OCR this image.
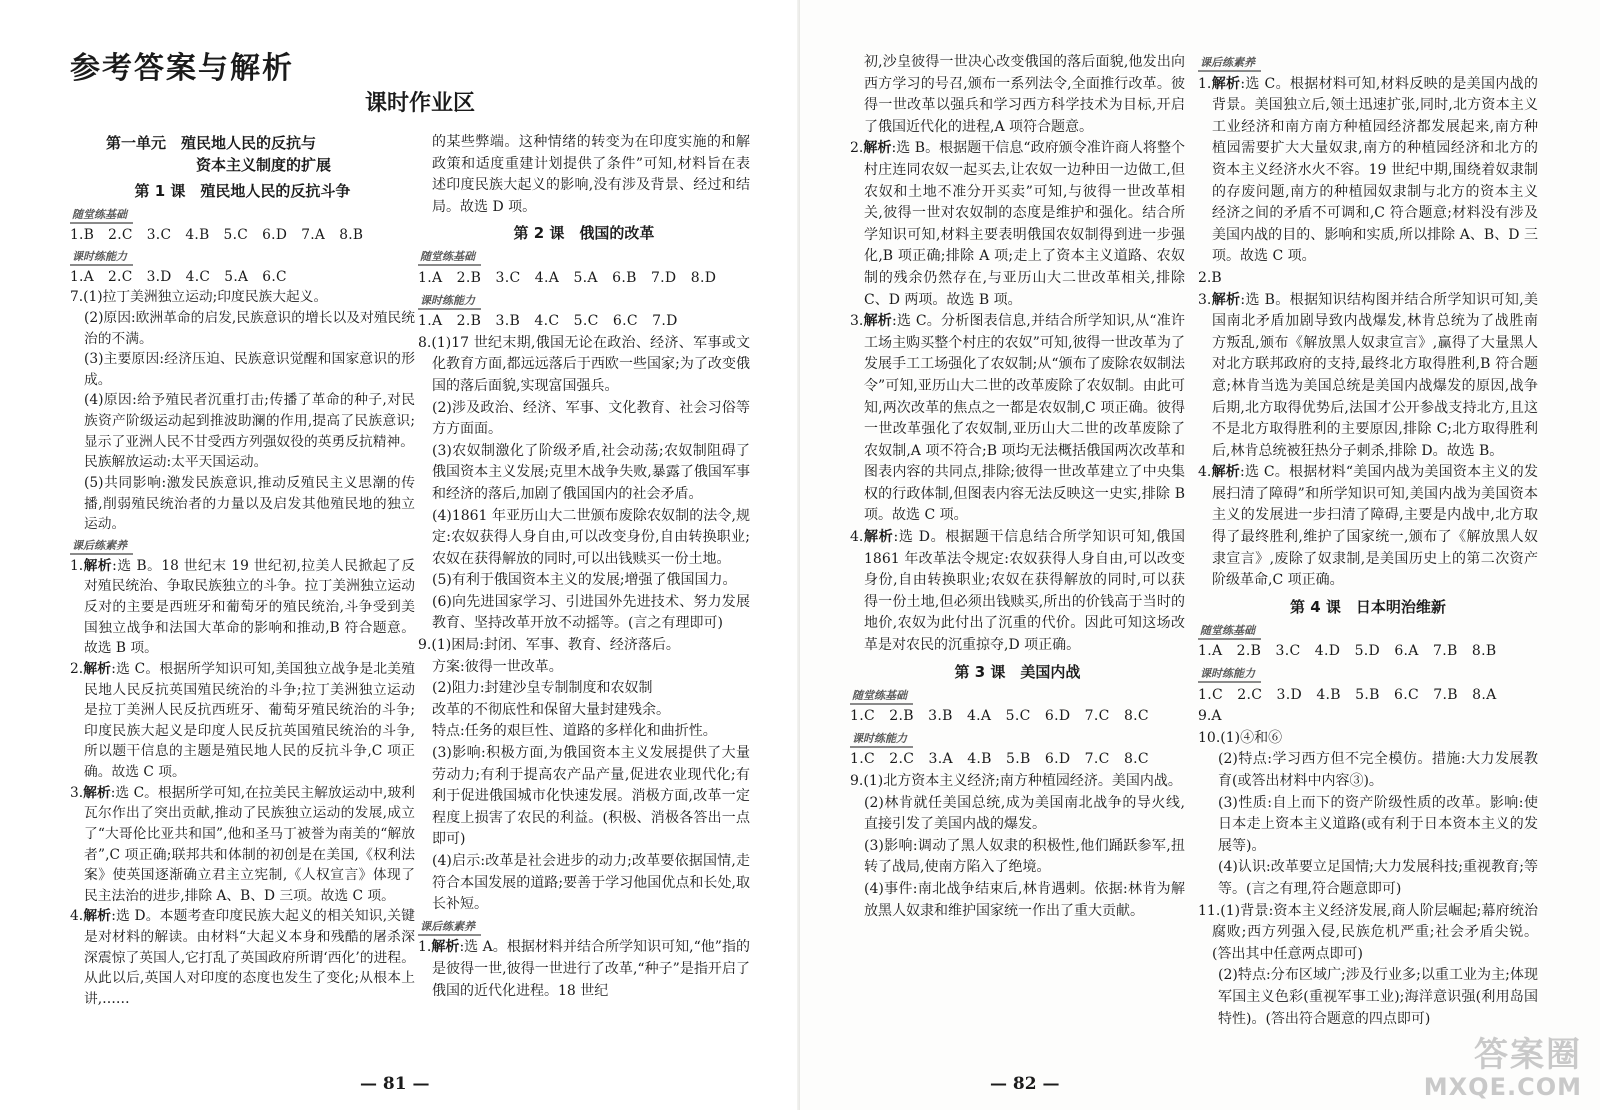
参考答案与解析
课时作业区

第一单元　殖民地人民的反抗与

资本主义制度的扩展

第 1 课　殖民地人民的反抗斗争

随堂练基础

1.B　2.C　3.C　4.B　5.C　6.D　7.A　8.B

课时练能力

1.A　2.C　3.D　4.C　5.A　6.C

7.(1)拉丁美洲独立运动;印度民族大起义。

(2)原因:欧洲革命的启发,民族意识的增长以及对殖民统治的不满。

(3)主要原因:经济压迫、民族意识觉醒和国家意识的形成。

(4)原因:给予殖民者沉重打击;传播了革命的种子,对民族资产阶级运动起到推波助澜的作用,提高了民族意识;显示了亚洲人民不甘受西方列强奴役的英勇反抗精神。

民族解放运动:太平天国运动。

(5)共同影响:激发民族意识,推动反殖民主义思潮的传播,削弱殖民统治者的力量以及启发其他殖民地的独立运动。

课后练素养

1.解析:选 B。18 世纪末 19 世纪初,拉美人民掀起了反对殖民统治、争取民族独立的斗争。拉丁美洲独立运动反对的主要是西班牙和葡萄牙的殖民统治,斗争受到美国独立战争和法国大革命的影响和推动,B 符合题意。故选 B 项。

2.解析:选 C。根据所学知识可知,美国独立战争是北美殖民地人民反抗英国殖民统治的斗争;拉丁美洲独立运动是拉丁美洲人民反抗西班牙、葡萄牙殖民统治的斗争;印度民族大起义是印度人民反抗英国殖民统治的斗争,所以题干信息的主题是殖民地人民的反抗斗争,C 项正确。故选 C 项。

3.解析:选 C。根据所学可知,在拉美民主解放运动中,玻利瓦尔作出了突出贡献,推动了民族独立运动的发展,成立了“大哥伦比亚共和国”,他和圣马丁被誉为南美的“解放者”,C 项正确;联邦共和体制的初创是在美国,《权利法案》使英国逐渐确立君主立宪制,《人权宣言》体现了民主法治的进步,排除 A、B、D 三项。故选 C 项。

4.解析:选 D。本题考查印度民族大起义的相关知识,关键是对材料的解读。由材料“大起义本身和残酷的屠杀深深震惊了英国人,它打乱了英国政府所谓‘西化’的进程。从此以后,英国人对印度的态度也发生了变化;从根本上讲,……

的某些弊端。这种情绪的转变为在印度实施的和解政策和适度重建计划提供了条件”可知,材料旨在表述印度民族大起义的影响,没有涉及背景、经过和结局。故选 D 项。

第 2 课　俄国的改革

随堂练基础

1.A　2.B　3.C　4.A　5.A　6.B　7.D　8.D

课时练能力

1.A　2.B　3.B　4.C　5.C　6.C　7.D

8.(1)17 世纪末期,俄国无论在政治、经济、军事或文化教育方面,都远远落后于西欧一些国家;为了改变俄国的落后面貌,实现富国强兵。

(2)涉及政治、经济、军事、文化教育、社会习俗等方方面面。

(3)农奴制激化了阶级矛盾,社会动荡;农奴制阻碍了俄国资本主义发展;克里木战争失败,暴露了俄国军事和经济的落后,加剧了俄国国内的社会矛盾。

(4)1861 年亚历山大二世颁布废除农奴制的法令,规定:农奴获得人身自由,可以改变身份,自由转换职业;农奴在获得解放的同时,可以出钱赎买一份土地。

(5)有利于俄国资本主义的发展;增强了俄国国力。

(6)向先进国家学习、引进国外先进技术、努力发展教育、坚持改革开放不动摇等。(言之有理即可)

9.(1)困局:封闭、军事、教育、经济落后。

方案:彼得一世改革。

(2)阻力:封建沙皇专制制度和农奴制

改革的不彻底性和保留大量封建残余。

特点:任务的艰巨性、道路的多样化和曲折性。

(3)影响:积极方面,为俄国资本主义发展提供了大量劳动力;有利于提高农产品产量,促进农业现代化;有利于促进俄国城市化快速发展。消极方面,改革一定程度上损害了农民的利益。(积极、消极各答出一点即可)

(4)启示:改革是社会进步的动力;改革要依据国情,走符合本国发展的道路;要善于学习他国优点和长处,取长补短。

课后练素养

1.解析:选 A。根据材料并结合所学知识可知,“他”指的是彼得一世,彼得一世进行了改革,“种子”是指开启了俄国的近代化进程。18 世纪

— 81 —

初,沙皇彼得一世决心改变俄国的落后面貌,他发出向西方学习的号召,颁布一系列法令,全面推行改革。彼得一世改革以强兵和学习西方科学技术为目标,开启了俄国近代化的进程,A 项符合题意。

2.解析:选 B。根据题干信息“政府颁令准许商人将整个村庄连同农奴一起买去,让农奴一边种田一边做工,但农奴和土地不准分开买卖”可知,与彼得一世改革相关,彼得一世对农奴制的态度是维护和强化。结合所学知识可知,材料主要表明俄国农奴制得到进一步强化,B 项正确;排除 A 项;走上了资本主义道路、农奴制的残余仍然存在,与亚历山大二世改革相关,排除 C、D 两项。故选 B 项。

3.解析:选 C。分析图表信息,并结合所学知识,从“准许工场主购买整个村庄的农奴”可知,彼得一世改革为了发展手工工场强化了农奴制;从“颁布了废除农奴制法令”可知,亚历山大二世的改革废除了农奴制。由此可知,两次改革的焦点之一都是农奴制,C 项正确。彼得一世改革强化了农奴制,亚历山大二世的改革废除了农奴制,A 项不符合;B 项均无法概括俄国两次改革和图表内容的共同点,排除;彼得一世改革建立了中央集权的行政体制,但图表内容无法反映这一史实,排除 B 项。故选 C 项。

4.解析:选 D。根据题干信息结合所学知识可知,俄国 1861 年改革法令规定:农奴获得人身自由,可以改变身份,自由转换职业;农奴在获得解放的同时,可以获得一份土地,但必须出钱赎买,所出的价钱高于当时的地价,农奴为此付出了沉重的代价。因此可知这场改革是对农民的沉重掠夺,D 项正确。

第 3 课　美国内战

随堂练基础

1.C　2.B　3.B　4.A　5.C　6.D　7.C　8.C

课时练能力

1.C　2.C　3.A　4.B　5.B　6.D　7.C　8.C

9.(1)北方资本主义经济;南方种植园经济。美国内战。

(2)林肯就任美国总统,成为美国南北战争的导火线,直接引发了美国内战的爆发。

(3)影响:调动了黑人奴隶的积极性,他们踊跃参军,扭转了战局,使南方陷入了绝境。

(4)事件:南北战争结束后,林肯遇刺。依据:林肯为解放黑人奴隶和维护国家统一作出了重大贡献。

课后练素养

1.解析:选 C。根据材料可知,材料反映的是美国内战的背景。美国独立后,领土迅速扩张,同时,北方资本主义工业经济和南方南方种植园经济都发展起来,南方种植园需要扩大大量奴隶,南方的种植园经济和北方的资本主义经济水火不容。19 世纪中期,围绕着奴隶制的存废问题,南方的种植园奴隶制与北方的资本主义经济之间的矛盾不可调和,C 符合题意;材料没有涉及美国内战的目的、影响和实质,所以排除 A、B、D 三项。故选 C 项。

2.B

3.解析:选 B。根据知识结构图并结合所学知识可知,美国南北矛盾加剧导致内战爆发,林肯总统为了战胜南方叛乱,颁布《解放黑人奴隶宣言》,赢得了大量黑人对北方联邦政府的支持,最终北方取得胜利,B 符合题意;林肯当选为美国总统是美国内战爆发的原因,战争后期,北方取得优势后,法国才公开参战支持北方,且这不是北方取得胜利的主要原因,排除 C;北方取得胜利后,林肯总统被狂热分子刺杀,排除 D。故选 B。

4.解析:选 C。根据材料“美国内战为美国资本主义的发展扫清了障碍”和所学知识可知,美国内战为美国资本主义的发展进一步扫清了障碍,主要是内战中,北方取得了最终胜利,维护了国家统一,颁布了《解放黑人奴隶宣言》,废除了奴隶制,是美国历史上的第二次资产阶级革命,C 项正确。

第 4 课　日本明治维新

随堂练基础

1.A　2.B　3.C　4.D　5.D　6.A　7.B　8.B

课时练能力

1.C　2.C　3.D　4.B　5.B　6.C　7.B　8.A

9.A

10.(1)④和⑥

(2)特点:学习西方但不完全模仿。措施:大力发展教育(或答出材料中内容③)。

(3)性质:自上而下的资产阶级性质的改革。影响:使日本走上资本主义道路(或有利于日本资本主义的发展等)。

(4)认识:改革要立足国情;大力发展科技;重视教育;等等。(言之有理,符合题意即可)

11.(1)背景:资本主义经济发展,商人阶层崛起;幕府统治腐败;西方列强入侵,民族危机严重;社会矛盾尖锐。(答出其中任意两点即可)

(2)特点:分布区域广;涉及行业多;以重工业为主;体现军国主义色彩(重视军事工业);海洋意识强(利用岛国特性)。(答出符合题意的四点即可)

— 82 —
答案圈
MXQE.COM
